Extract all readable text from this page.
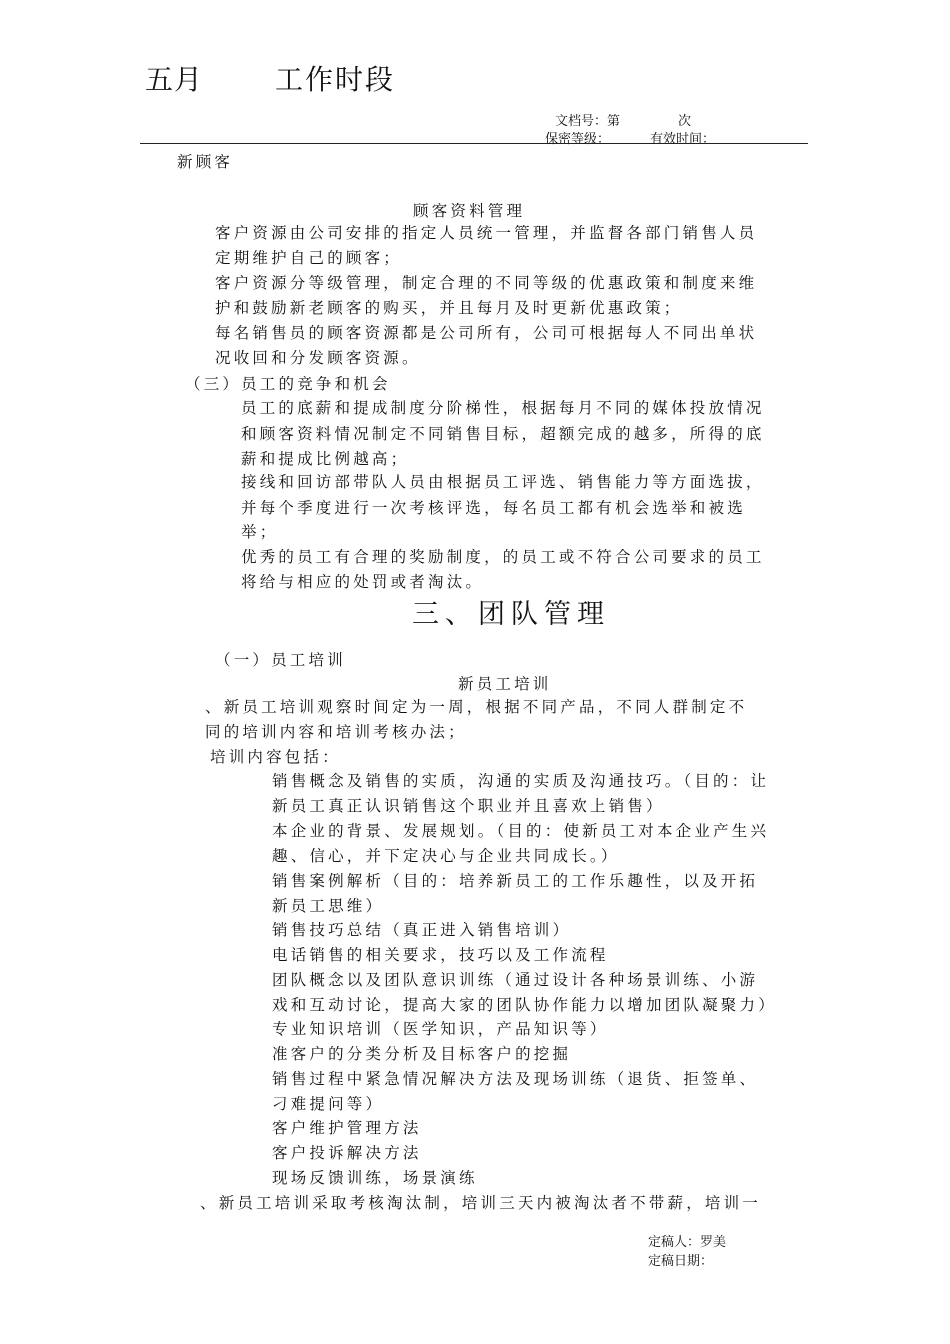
五月	工作时段
文档号：第	次
保密等级：	有效时间：
新顾客
顾客资料管理
客户资源由公司安排的指定人员统一管理，并监督各部门销售人员
定期维护自己的顾客；
客户资源分等级管理，制定合理的不同等级的优惠政策和制度来维
护和鼓励新老顾客的购买，并且每月及时更新优惠政策；
每名销售员的顾客资源都是公司所有，公司可根据每人不同出单状
况收回和分发顾客资源。
（三）员工的竞争和机会
员工的底薪和提成制度分阶梯性，根据每月不同的媒体投放情况
和顾客资料情况制定不同销售目标，超额完成的越多，所得的底
薪和提成比例越高；
接线和回访部带队人员由根据员工评选、销售能力等方面选拔，
并每个季度进行一次考核评选，每名员工都有机会选举和被选
举；
优秀的员工有合理的奖励制度，的员工或不符合公司要求的员工
将给与相应的处罚或者淘汰。
三、团队管理
（一）员工培训
新员工培训
、新员工培训观察时间定为一周，根据不同产品，不同人群制定不
同的培训内容和培训考核办法；
培训内容包括：
销售概念及销售的实质，沟通的实质及沟通技巧。（目的：让
新员工真正认识销售这个职业并且喜欢上销售）
本企业的背景、发展规划。（目的：使新员工对本企业产生兴
趣、信心，并下定决心与企业共同成长。）
销售案例解析（目的：培养新员工的工作乐趣性，以及开拓
新员工思维）
销售技巧总结（真正进入销售培训）
电话销售的相关要求，技巧以及工作流程
团队概念以及团队意识训练（通过设计各种场景训练、小游
戏和互动讨论，提高大家的团队协作能力以增加团队凝聚力）
专业知识培训（医学知识，产品知识等）
准客户的分类分析及目标客户的挖掘
销售过程中紧急情况解决方法及现场训练（退货、拒签单、
刁难提问等）
客户维护管理方法
客户投诉解决方法
现场反馈训练，场景演练
、新员工培训采取考核淘汰制，培训三天内被淘汰者不带薪，培训一
定稿人：罗美
定稿日期：
